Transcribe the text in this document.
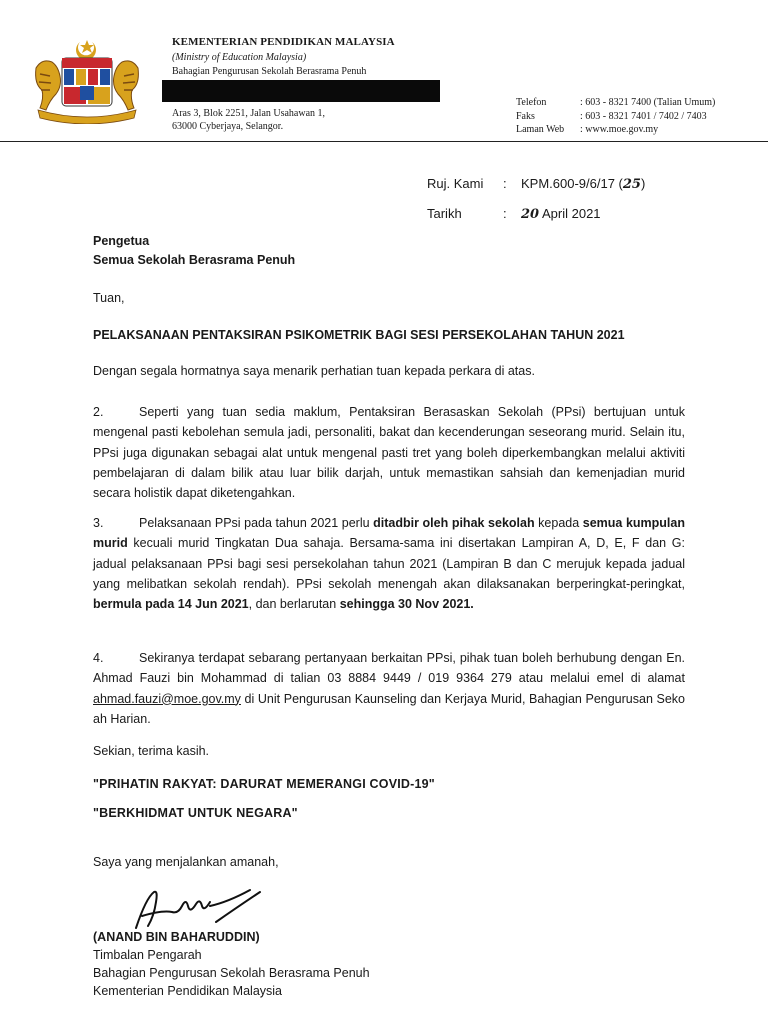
KEMENTERIAN PENDIDIKAN MALAYSIA
(Ministry of Education Malaysia)
Bahagian Pengurusan Sekolah Berasrama Penuh
Aras 3, Blok 2251, Jalan Usahawan 1,
63000 Cyberjaya, Selangor.
Telefon	: 603 - 8321 7400 (Talian Umum)
Faks	: 603 - 8321 7401 / 7402 / 7403
Laman Web : www.moe.gov.my
Ruj. Kami : KPM.600-9/6/17 (25)
Tarikh	: 20 April 2021
Pengetua
Semua Sekolah Berasrama Penuh
Tuan,
PELAKSANAAN PENTAKSIRAN PSIKOMETRIK BAGI SESI PERSEKOLAHAN TAHUN 2021
Dengan segala hormatnya saya menarik perhatian tuan kepada perkara di atas.
2.	Seperti yang tuan sedia maklum, Pentaksiran Berasaskan Sekolah (PPsi) bertujuan untuk mengenal pasti kebolehan semula jadi, personaliti, bakat dan kecenderungan seseorang murid. Selain itu, PPsi juga digunakan sebagai alat untuk mengenal pasti tret yang boleh diperkembangkan melalui aktiviti pembelajaran di dalam bilik atau luar bilik darjah, untuk memastikan sahsiah dan kemenjadian murid secara holistik dapat diketengahkan.
3.	Pelaksanaan PPsi pada tahun 2021 perlu ditadbir oleh pihak sekolah kepada semua kumpulan murid kecuali murid Tingkatan Dua sahaja. Bersama-sama ini disertakan Lampiran A, D, E, F dan G: jadual pelaksanaan PPsi bagi sesi persekolahan tahun 2021 (Lampiran B dan C merujuk kepada jadual yang melibatkan sekolah rendah). PPsi sekolah menengah akan dilaksanakan berperingkat-peringkat, bermula pada 14 Jun 2021, dan berlarutan sehingga 30 Nov 2021.
4.	Sekiranya terdapat sebarang pertanyaan berkaitan PPsi, pihak tuan boleh berhubung dengan En. Ahmad Fauzi bin Mohammad di talian 03 8884 9449 / 019 9364 279 atau melalui emel di alamat ahmad.fauzi@moe.gov.my di Unit Pengurusan Kaunseling dan Kerjaya Murid, Bahagian Pengurusan Seko ah Harian.
Sekian, terima kasih.
"PRIHATIN RAKYAT: DARURAT MEMERANGI COVID-19"
"BERKHIDMAT UNTUK NEGARA"
Saya yang menjalankan amanah,
(ANAND BIN BAHARUDDIN)
Timbalan Pengarah
Bahagian Pengurusan Sekolah Berasrama Penuh
Kementerian Pendidikan Malaysia
